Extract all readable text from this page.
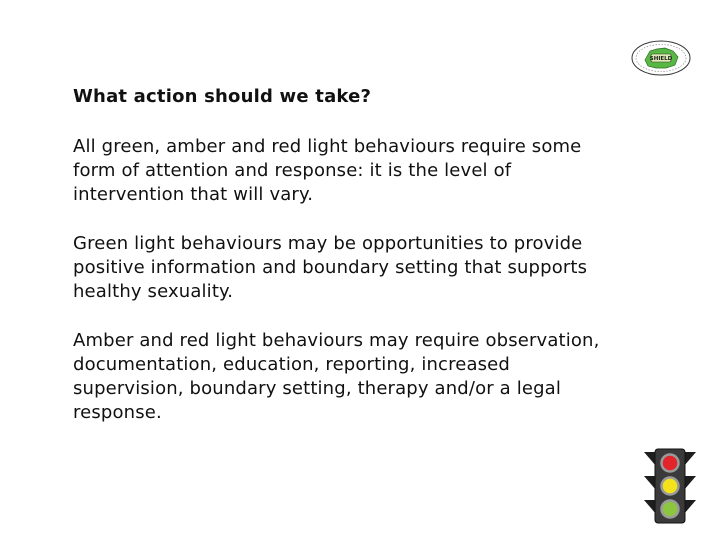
SHIELD

What action should we take?

All green, amber and red light behaviours require some
form of attention and response: it is the level of
intervention that will vary.

Green light behaviours may be opportunities to provide
positive information and boundary setting that supports
healthy sexuality.

Amber and red light behaviours may require observation,
documentation, education, reporting, increased
supervision, boundary setting, therapy and/or a legal
response.
